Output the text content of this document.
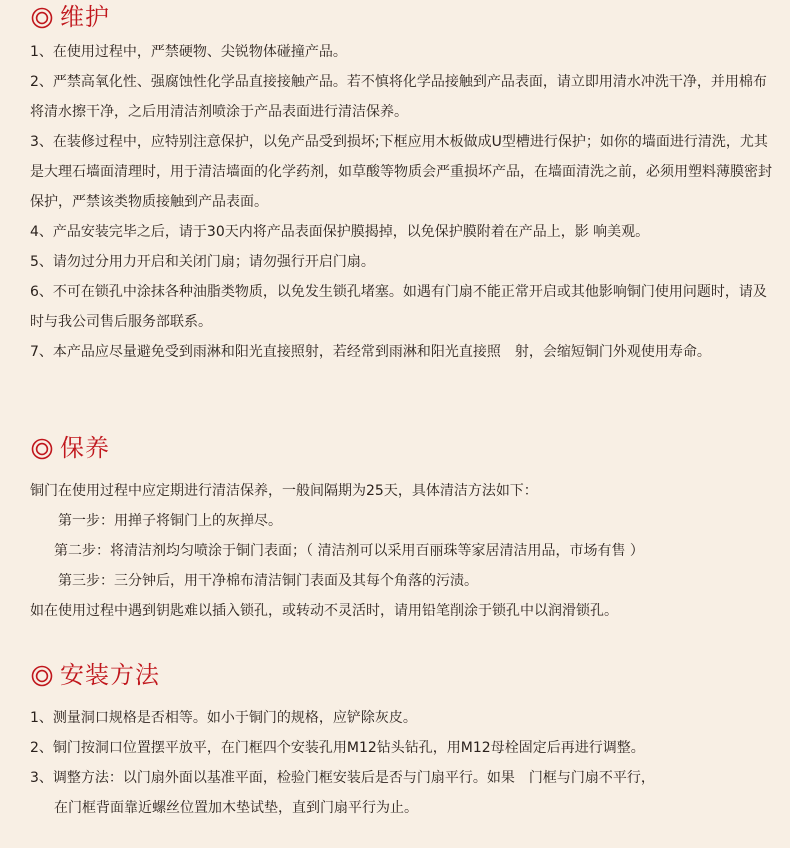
维护

1、在使用过程中，严禁硬物、尖锐物体碰撞产品。

2、严禁高氧化性、强腐蚀性化学品直接接触产品。若不慎将化学品接触到产品表面，请立即用清水冲洗干净，并用棉布将清水擦干净，之后用清洁剂喷涂于产品表面进行清洁保养。

3、在装修过程中，应特别注意保护，以免产品受到损坏;下框应用木板做成U型槽进行保护；如你的墙面进行清洗，尤其是大理石墙面清理时，用于清洁墙面的化学药剂，如草酸等物质会严重损坏产品，在墙面清洗之前，必须用塑料薄膜密封保护，严禁该类物质接触到产品表面。

4、产品安装完毕之后，请于30天内将产品表面保护膜揭掉，以免保护膜附着在产品上，影 响美观。

5、请勿过分用力开启和关闭门扇；请勿强行开启门扇。

6、不可在锁孔中涂抹各种油脂类物质，以免发生锁孔堵塞。如遇有门扇不能正常开启或其他影响铜门使用问题时，请及时与我公司售后服务部联系。

7、本产品应尽量避免受到雨淋和阳光直接照射，若经常到雨淋和阳光直接照　射，会缩短铜门外观使用寿命。

保养

铜门在使用过程中应定期进行清洁保养，一般间隔期为25天，具体清洁方法如下：

第一步：用掸子将铜门上的灰掸尽。

第二步：将清洁剂均匀喷涂于铜门表面；（ 清洁剂可以采用百丽珠等家居清洁用品，市场有售 ）

第三步：三分钟后，用干净棉布清洁铜门表面及其每个角落的污渍。

如在使用过程中遇到钥匙难以插入锁孔，或转动不灵活时，请用铅笔削涂于锁孔中以润滑锁孔。

安装方法

1、测量洞口规格是否相等。如小于铜门的规格，应铲除灰皮。

2、铜门按洞口位置摆平放平，在门框四个安装孔用M12钻头钻孔，用M12母栓固定后再进行调整。

3、调整方法：以门扇外面以基准平面，检验门框安装后是否与门扇平行。如果　门框与门扇不平行，

在门框背面靠近螺丝位置加木垫试垫，直到门扇平行为止。
